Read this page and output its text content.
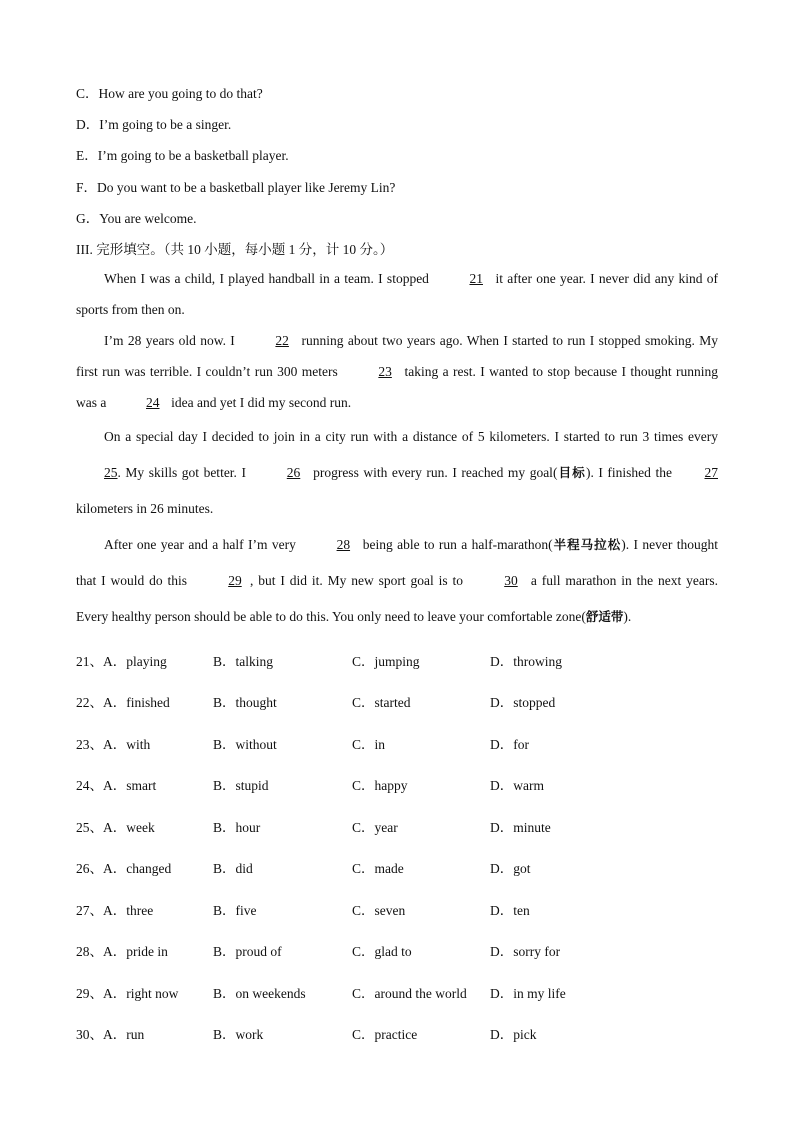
C．How are you going to do that?
D．I’m going to be a singer.
E．I’m going to be a basketball player.
F．Do you want to be a basketball player like Jeremy Lin?
G．You are welcome.
III. 完形填空。（共 10 小题，每小题 1 分，计 10 分。）

When I was a child, I played handball in a team. I stopped	21 it after one year. I never did any kind of sports from then on.

I’m 28 years old now. I	22 running about two years ago. When I started to run I stopped smoking. My first run was terrible. I couldn’t run 300 meters	23 taking a rest. I wanted to stop because I thought running was a	24 idea and yet I did my second run.

On a special day I decided to join in a city run with a distance of 5 kilometers. I started to run 3 times every 25. My skills got better. I	26 progress with every run. I reached my goal(目标). I finished the 27 kilometers in 26 minutes.

After one year and a half I’m very	28 being able to run a half-marathon(半程马拉松). I never thought that I would do this	29 , but I did it. My new sport goal is to	30 a full marathon in the next years. Every healthy person should be able to do this. You only need to leave your comfortable zone(舒适带).

21、A．playing	B．talking	C．jumping	D．throwing
22、A．finished	B．thought	C．started	D．stopped
23、A．with	B．without	C．in	D．for
24、A．smart	B．stupid	C．happy	D．warm
25、A．week	B．hour	C．year	D．minute
26、A．changed	B．did	C．made	D．got
27、A．three	B．five	C．seven	D．ten
28、A．pride in	B．proud of	C．glad to	D．sorry for
29、A．right now	B．on weekends	C．around the world D．in my life
30、A．run	B．work	C．practice	D．pick
